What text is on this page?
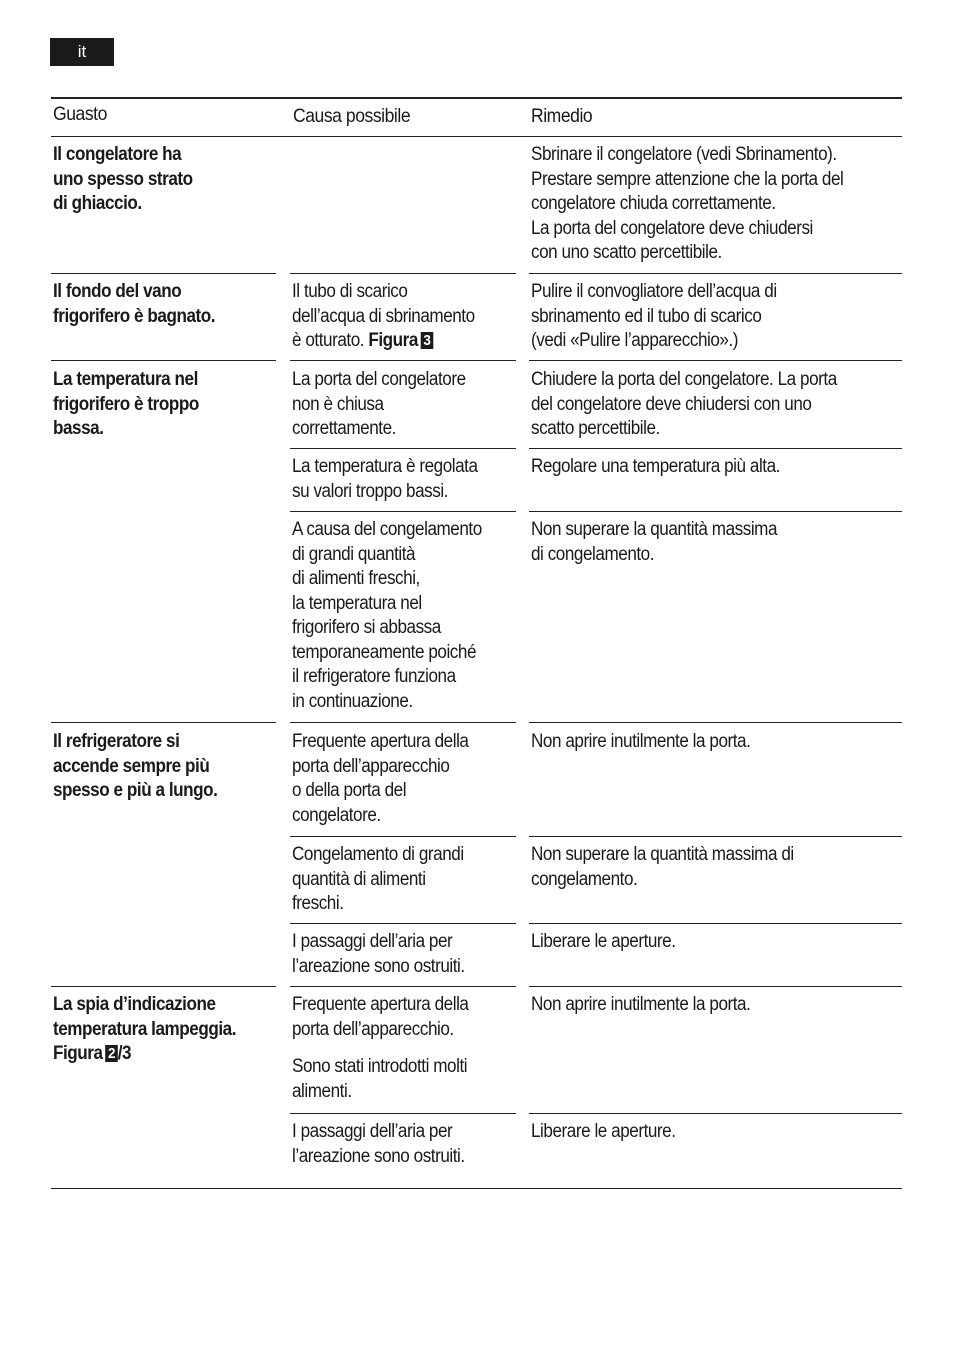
it
Guasto	Causa possibile	Rimedio
Il congelatore ha
uno spesso strato
di ghiaccio.
Sbrinare il congelatore (vedi Sbrinamento).
Prestare sempre attenzione che la porta del
congelatore chiuda correttamente.
La porta del congelatore deve chiudersi
con uno scatto percettibile.
Il fondo del vano
frigorifero è bagnato.
Il tubo di scarico
dell’acqua di sbrinamento
è otturato. Figura 3
Pulire il convogliatore dell’acqua di
sbrinamento ed il tubo di scarico
(vedi «Pulire l’apparecchio».)
La temperatura nel
frigorifero è troppo
bassa.
La porta del congelatore
non è chiusa
correttamente.
Chiudere la porta del congelatore. La porta
del congelatore deve chiudersi con uno
scatto percettibile.
La temperatura è regolata
su valori troppo bassi.
Regolare una temperatura più alta.
A causa del congelamento
di grandi quantità
di alimenti freschi,
la temperatura nel
frigorifero si abbassa
temporaneamente poiché
il refrigeratore funziona
in continuazione.
Non superare la quantità massima
di congelamento.
Il refrigeratore si
accende sempre più
spesso e più a lungo.
Frequente apertura della
porta dell’apparecchio
o della porta del
congelatore.
Non aprire inutilmente la porta.
Congelamento di grandi
quantità di alimenti
freschi.
Non superare la quantità massima di
congelamento.
I passaggi dell’aria per
l’areazione sono ostruiti.
Liberare le aperture.
La spia d’indicazione
temperatura lampeggia.
Figura 2 /3
Frequente apertura della
porta dell’apparecchio.
Sono stati introdotti molti
alimenti.
Non aprire inutilmente la porta.
I passaggi dell’aria per
l’areazione sono ostruiti.
Liberare le aperture.
